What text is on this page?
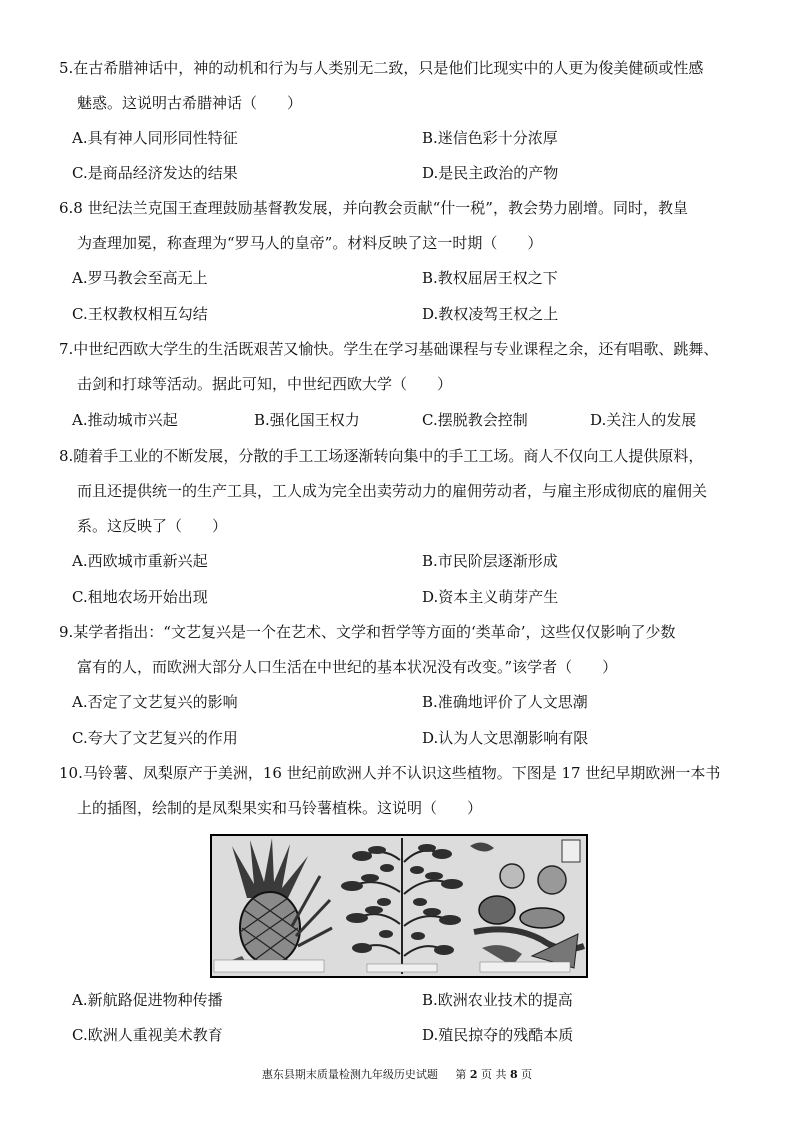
5.在古希腊神话中，神的动机和行为与人类别无二致，只是他们比现实中的人更为俊美健硕或性感
魅惑。这说明古希腊神话（　　）
A.具有神人同形同性特征	B.迷信色彩十分浓厚
C.是商品经济发达的结果	D.是民主政治的产物
6.8 世纪法兰克国王查理鼓励基督教发展，并向教会贡献“什一税”，教会势力剧增。同时，教皇
为查理加冕，称查理为“罗马人的皇帝”。材料反映了这一时期（　　）
A.罗马教会至高无上	B.教权屈居王权之下
C.王权教权相互勾结	D.教权凌驾王权之上
7.中世纪西欧大学生的生活既艰苦又愉快。学生在学习基础课程与专业课程之余，还有唱歌、跳舞、
击剑和打球等活动。据此可知，中世纪西欧大学（　　）
A.推动城市兴起	B.强化国王权力	C.摆脱教会控制	D.关注人的发展
8.随着手工业的不断发展，分散的手工工场逐渐转向集中的手工工场。商人不仅向工人提供原料，
而且还提供统一的生产工具，工人成为完全出卖劳动力的雇佣劳动者，与雇主形成彻底的雇佣关
系。这反映了（　　）
A.西欧城市重新兴起	B.市民阶层逐渐形成
C.租地农场开始出现	D.资本主义萌芽产生
9.某学者指出：“文艺复兴是一个在艺术、文学和哲学等方面的‘类革命’，这些仅仅影响了少数
富有的人，而欧洲大部分人口生活在中世纪的基本状况没有改变。”该学者（　　）
A.否定了文艺复兴的影响	B.准确地评价了人文思潮
C.夸大了文艺复兴的作用	D.认为人文思潮影响有限
10.马铃薯、凤梨原产于美洲，16 世纪前欧洲人并不认识这些植物。下图是 17 世纪早期欧洲一本书
上的插图，绘制的是凤梨果实和马铃薯植株。这说明（　　）
A.新航路促进物种传播	B.欧洲农业技术的提高
C.欧洲人重视美术教育	D.殖民掠夺的残酷本质
惠东县期末质量检测九年级历史试题 第 2 页 共 8 页
